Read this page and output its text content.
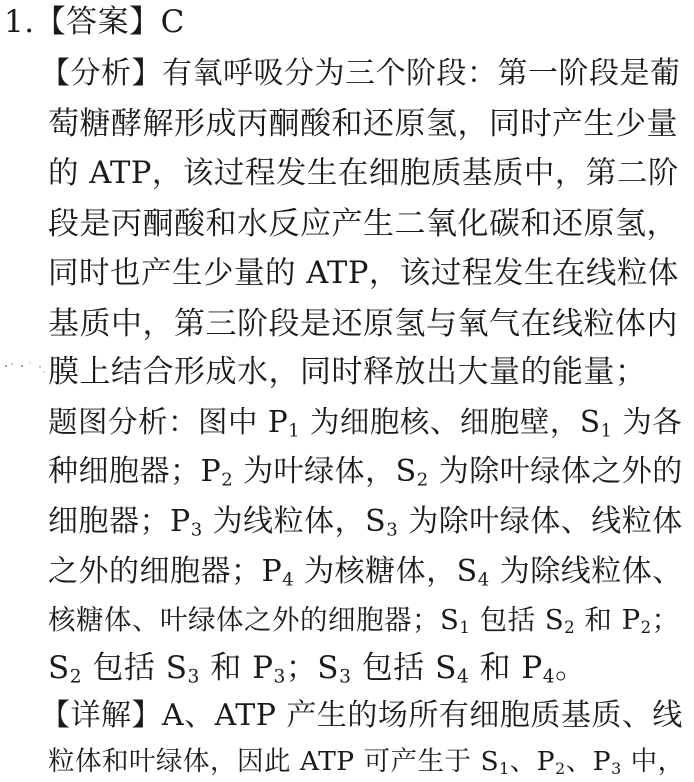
1.【答案】C
【分析】有氧呼吸分为三个阶段：第一阶段是葡
萄糖酵解形成丙酮酸和还原氢，同时产生少量
的 ATP，该过程发生在细胞质基质中，第二阶
段是丙酮酸和水反应产生二氧化碳和还原氢，
同时也产生少量的 ATP，该过程发生在线粒体
基质中，第三阶段是还原氢与氧气在线粒体内
膜上结合形成水，同时释放出大量的能量；
题图分析：图中 $P_1$ 为细胞核、细胞壁，$S_1$ 为各
种细胞器；$P_2$ 为叶绿体，$S_2$ 为除叶绿体之外的
细胞器；$P_3$ 为线粒体，$S_3$ 为除叶绿体、线粒体
之外的细胞器；$P_4$ 为核糖体，$S_4$ 为除线粒体、
核糖体、叶绿体之外的细胞器；$S_1$ 包括 $S_2$ 和 $P_2$；
$S_2$ 包括 $S_3$ 和 $P_3$；$S_3$ 包括 $S_4$ 和 $P_4$。
【详解】A、ATP 产生的场所有细胞质基质、线
粒体和叶绿体，因此 ATP 可产生于 $S_1$、$P_2$、$P_3$ 中，
